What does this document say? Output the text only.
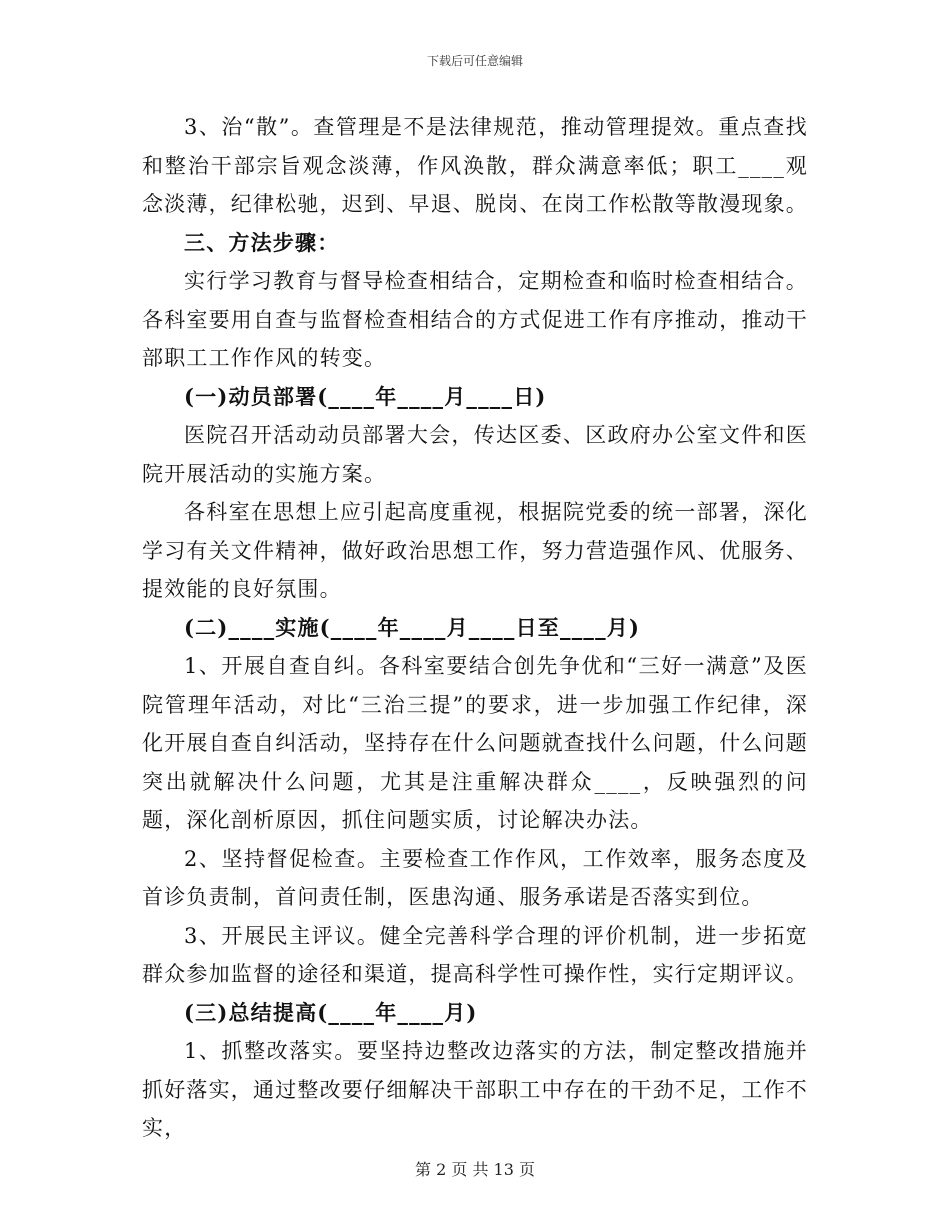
下载后可任意编辑

3、治“散”。查管理是不是法律规范，推动管理提效。重点查找和整治干部宗旨观念淡薄，作风涣散，群众满意率低；职工____观念淡薄，纪律松驰，迟到、早退、脱岗、在岗工作松散等散漫现象。

三、方法步骤：

实行学习教育与督导检查相结合，定期检查和临时检查相结合。各科室要用自查与监督检查相结合的方式促进工作有序推动，推动干部职工工作作风的转变。

(一)动员部署(____年____月____日)

医院召开活动动员部署大会，传达区委、区政府办公室文件和医院开展活动的实施方案。

各科室在思想上应引起高度重视，根据院党委的统一部署，深化学习有关文件精神，做好政治思想工作，努力营造强作风、优服务、提效能的良好氛围。

(二)____实施(____年____月____日至____月)

1、开展自查自纠。各科室要结合创先争优和“三好一满意”及医院管理年活动，对比“三治三提”的要求，进一步加强工作纪律，深化开展自查自纠活动，坚持存在什么问题就查找什么问题，什么问题突出就解决什么问题，尤其是注重解决群众____，反映强烈的问题，深化剖析原因，抓住问题实质，讨论解决办法。

2、坚持督促检查。主要检查工作作风，工作效率，服务态度及首诊负责制，首问责任制，医患沟通、服务承诺是否落实到位。

3、开展民主评议。健全完善科学合理的评价机制，进一步拓宽群众参加监督的途径和渠道，提高科学性可操作性，实行定期评议。

(三)总结提高(____年____月)

1、抓整改落实。要坚持边整改边落实的方法，制定整改措施并抓好落实，通过整改要仔细解决干部职工中存在的干劲不足，工作不实，

第 2 页 共 13 页
